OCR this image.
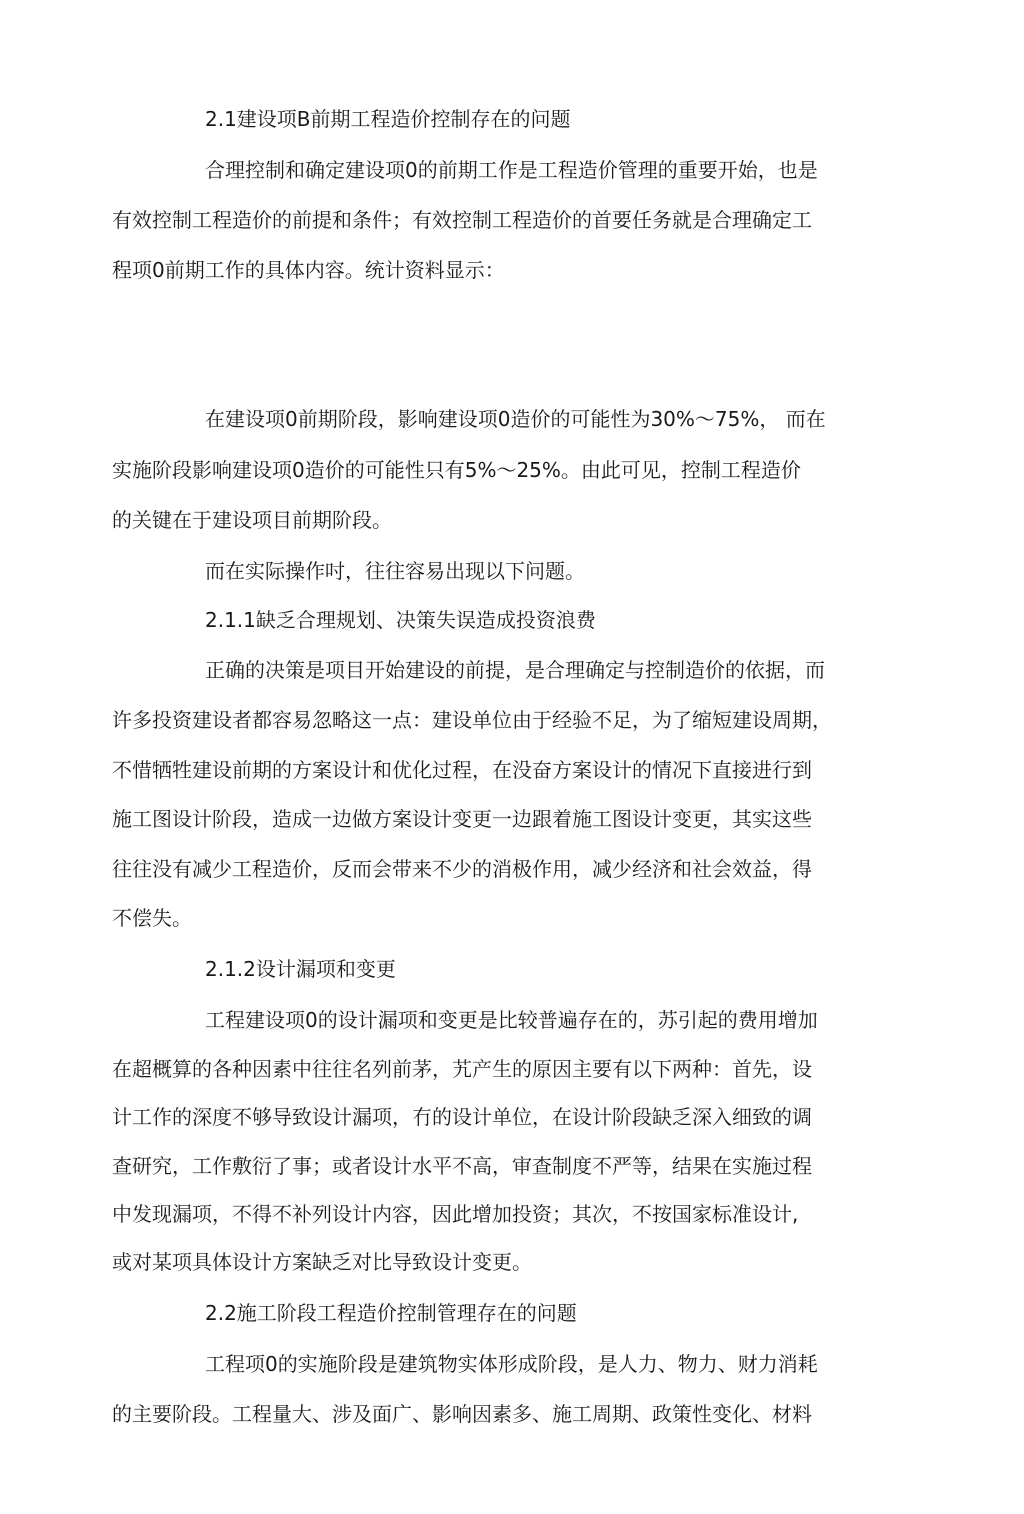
2.1建设项B前期工程造价控制存在的问题
合理控制和确定建设项0的前期工作是工程造价管理的重要开始，也是
有效控制工程造价的前提和条件；有效控制工程造价的首要任务就是合理确定工
程项0前期工作的具体内容。统计资料显示：
在建设项0前期阶段，影响建设项0造价的可能性为30%～75%， 而在
实施阶段影响建设项0造价的可能性只有5%～25%。由此可见，控制工程造价
的关键在于建设项目前期阶段。
而在实际操作吋，往往容易出现以下问题。
2.1.1缺乏合理规划、决策失误造成投资浪费
正确的决策是项目开始建设的前提，是合理确定与控制造价的依据，而
许多投资建设者都容易忽略这一点：建设单位由于经验不足，为了缩短建设周期，
不惜牺牲建设前期的方案设计和优化过程，在没奋方案设计的情况下直接进行到
施工图设计阶段，造成一边做方案设计变更一边跟着施工图设计变更，其实这些
往往没有减少工程造价，反而会带来不少的消极作用，减少经济和社会效益，得
不偿失。
2.1.2设计漏项和变更
工程建设项0的设计漏项和变更是比较普遍存在的，苏引起的费用增加
在超概算的各种因素中往往名列前茅，艽产生的原因主要有以下两种：首先，设
计工作的深度不够导致设计漏项，冇的设计单位，在设计阶段缺乏深入细致的调
查研究，工作敷衍了事；或者设计水平不高，审查制度不严等，结果在实施过程
中发现漏项，不得不补列设计内容，因此增加投资；其次，不按国家标准设计,
或对某项具体设计方案缺乏对比导致设计变更。
2.2施工阶段工程造价控制管理存在的问题
工程项0的实施阶段是建筑物实体形成阶段，是人力、物力、财力消耗
的主要阶段。工程量大、涉及面广、影响因素多、施工周期、政策性变化、材料
